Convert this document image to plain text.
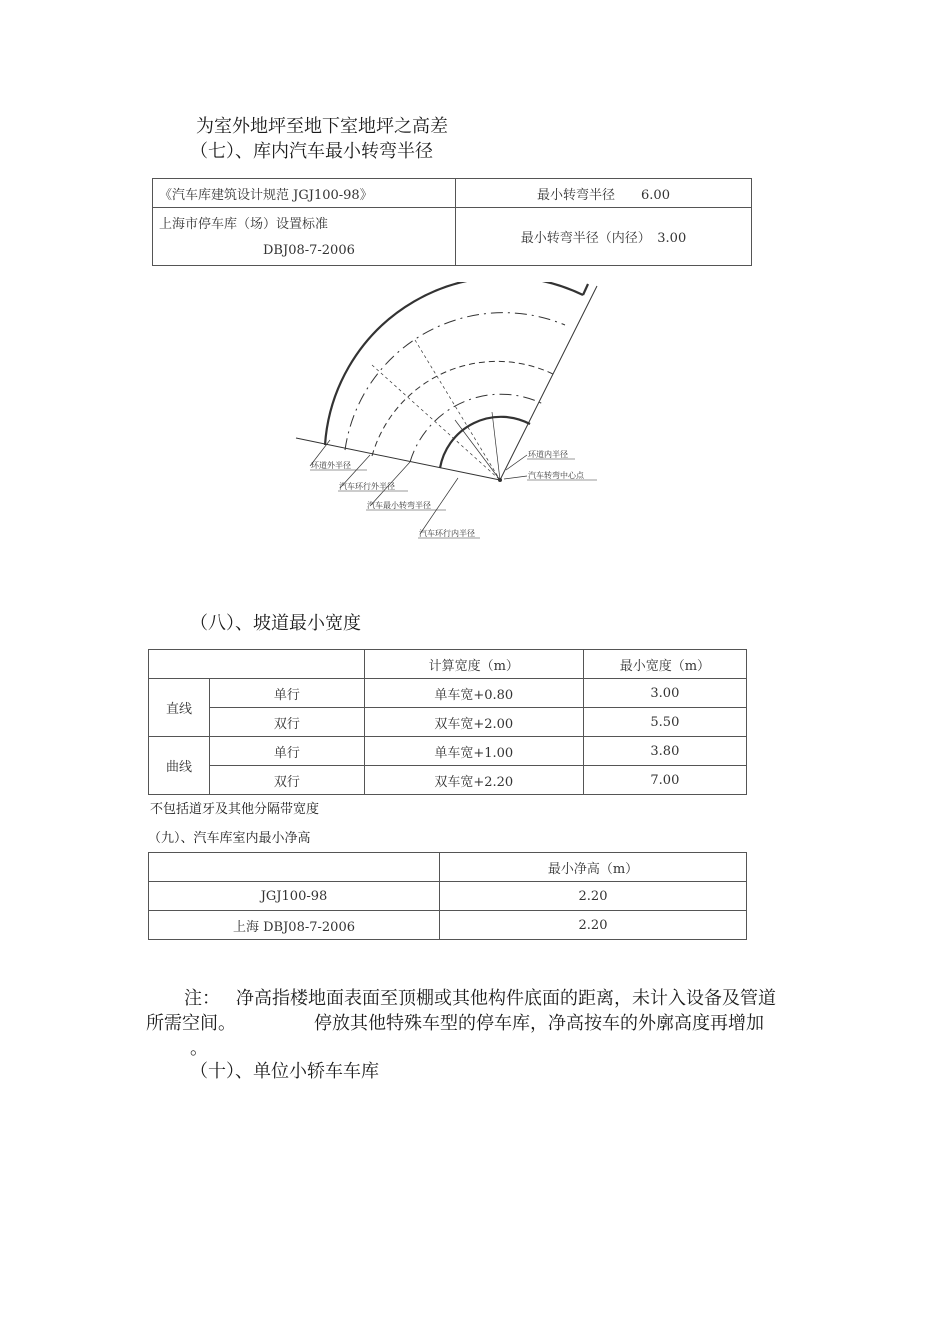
为室外地坪至地下室地坪之高差
（七）、库内汽车最小转弯半径
《汽车库建筑设计规范 JGJ100-98》	最小转弯半径　　6.00

上海市停车库（场）设置标准
DBJ08-7-2006	最小转弯半径（内径）　3.00
环道外半径
汽车环行外半径
汽车最小转弯半径
汽车环行内半径
环道内半径
汽车转弯中心点
（八）、坡道最小宽度
		计算宽度（m）	最小宽度（m）
直线	单行	单车宽+0.80	3.00
	双行	双车宽+2.00	5.50
曲线	单行	单车宽+1.00	3.80
	双行	双车宽+2.20	7.00
不包括道牙及其他分隔带宽度
（九）、汽车库室内最小净高
	最小净高（m）
JGJ100-98	2.20
上海 DBJ08-7-2006	2.20
注： 净高指楼地面表面至顶棚或其他构件底面的距离，未计入设备及管道
所需空间。	停放其他特殊车型的停车库，净高按车的外廓高度再增加
。
（十）、单位小轿车车库
